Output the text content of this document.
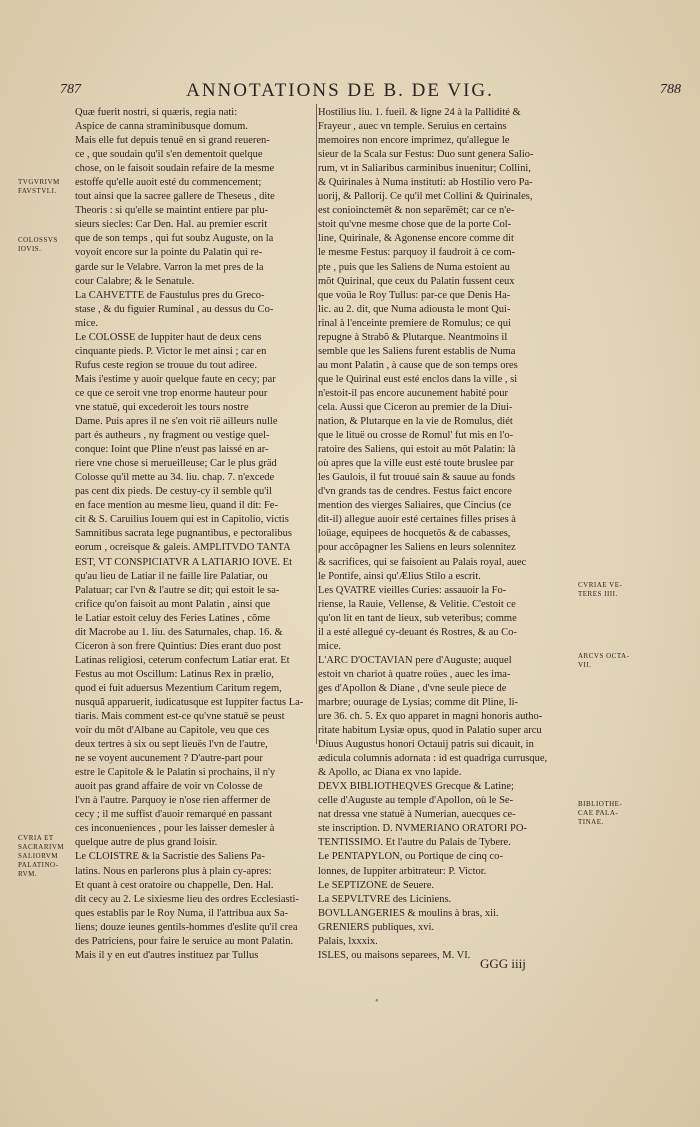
787	ANNOTATIONS DE B. DE VIG.	788

Quæ fuerit nostri, si quæris, regia nati:

Aspice de canna straminibusque domum.

Mais elle fut depuis tenuë en si grand reueren-

ce , que soudain qu'il s'en dementoit quelque

chose, on le faisoit soudain refaire de la mesme

estoffe qu'elle auoit esté du commencement;

tout ainsi que la sacree gallere de Theseus , dite

Theoris : si qu'elle se maintint entiere par plu-

sieurs siecles: Car Den. Hal. au premier escrit

que de son temps , qui fut soubz Auguste, on la

voyoit encore sur la pointe du Palatin qui re-

garde sur le Velabre. Varron la met pres de la

cour Calabre; & le Senatule.

La CAHVETTE de Faustulus pres du Greco-

stase , & du figuier Ruminal , au dessus du Co-

mice.

Le COLOSSE de Iuppiter haut de deux cens

cinquante pieds. P. Victor le met ainsi ; car en

Rufus ceste region se trouue du tout adiree.

Mais i'estime y auoir quelque faute en cecy; par

ce que ce seroit vne trop enorme hauteur pour

vne statuë, qui excederoit les tours nostre

Dame. Puis apres il ne s'en voit rië ailleurs nulle

part és autheurs , ny fragment ou vestige quel-

conque: Ioint que Pline n'eust pas laissé en ar-

riere vne chose si merueilleuse; Car le plus gräd

Colosse qu'il mette au 34. liu. chap. 7. n'excede

pas cent dix pieds. De cestuy-cy il semble qu'il

en face mention au mesme lieu, quand il dit: Fe-

cit & S. Caruilius Iouem qui est in Capitolio, victis

Samnitibus sacrata lege pugnantibus, e pectoralibus

eorum , ocreisque & galeis. AMPLITVDO TANTA

EST, VT CONSPICIATVR A LATIARIO IOVE. Et

qu'au lieu de Latiar il ne faille lire Palatiar, ou

Palatuar; car l'vn & l'autre se dit; qui estoit le sa-

crifice qu'on faisoit au mont Palatin , ainsi que

le Latiar estoit celuy des Feries Latines , cõme

dit Macrobe au 1. liu. des Saturnales, chap. 16. &

Ciceron à son frere Quintius: Dies erant duo post

Latinas religiosi, ceterum confectum Latiar erat. Et

Festus au mot Oscillum: Latinus Rex in prælio,

quod ei fuit aduersus Mezentium Caritum regem,

nusquã apparuerit, iudicatusque est Iuppiter factus La-

tiaris. Mais comment est-ce qu'vne statuë se peust

voir du mõt d'Albane au Capitole, veu que ces

deux tertres à six ou sept lieuës l'vn de l'autre,

ne se voyent aucunement ? D'autre-part pour

estre le Capitole & le Palatin si prochains, il n'y

auoit pas grand affaire de voir vn Colosse de

l'vn à l'autre. Parquoy ie n'ose rien affermer de

cecy ; il me suffist d'auoir remarqué en passant

ces inconueniences , pour les laisser demesler à

quelque autre de plus grand loisir.

Le CLOISTRE & la Sacristie des Saliens Pa-

latins. Nous en parlerons plus à plain cy-apres:

Et quant à cest oratoire ou chappelle, Den. Hal.

dit cecy au 2. Le sixiesme lieu des ordres Ecclesiasti-

ques establis par le Roy Numa, il l'attribua aux Sa-

liens; douze ieunes gentils-hommes d'eslite qu'il crea

des Patriciens, pour faire le seruice au mont Palatin.

Mais il y en eut d'autres instituez par Tullus

Hostilius liu. 1. fueil. & ligne 24 à la Pallidité &

Frayeur , auec vn temple. Seruius en certains

memoires non encore imprimez, qu'allegue le

sieur de la Scala sur Festus: Duo sunt genera Salio-

rum, vt in Saliaribus carminibus inuenitur; Collini,

& Quirinales à Numa instituti: ab Hostilio vero Pa-

uorij, & Pallorij. Ce qu'il met Collini & Quirinales,

est conioinctemët & non separëmët; car ce n'e-

stoit qu'vne mesme chose que de la porte Col-

line, Quirinale, & Agonense encore comme dit

le mesme Festus: parquoy il faudroit à ce com-

pte , puis que les Saliens de Numa estoient au

mõt Quirinal, que ceux du Palatin fussent ceux

que voüa le Roy Tullus: par-ce que Denis Ha-

lic. au 2. dit, que Numa adiousta le mont Qui-

rinal à l'enceinte premiere de Romulus; ce qui

repugne à Strabõ & Plutarque. Neantmoins il

semble que les Saliens furent establis de Numa

au mont Palatin , à cause que de son temps ores

que le Quirinal eust esté enclos dans la ville , si

n'estoit-il pas encore aucunement habité pour

cela. Aussi que Ciceron au premier de la Diui-

nation, & Plutarque en la vie de Romulus, diét

que le lituë ou crosse de Romul' fut mis en l'o-

ratoire des Saliens, qui estoit au mõt Palatin: là

où apres que la ville eust esté toute bruslee par

les Gaulois, il fut trouué sain & sauue au fonds

d'vn grands tas de cendres. Festus faict encore

mention des vierges Saliaires, que Cincius (ce

dit-il) allegue auoir esté certaines filles prises à

loüage, equipees de hocquetõs & de cabasses,

pour accõpagner les Saliens en leurs solennitez

& sacrifices, qui se faisoient au Palais royal, auec

le Pontife, ainsi qu'Ælius Stilo a escrit.

Les QVATRE vieilles Curies: assauoir la Fo-

riense, la Rauie, Vellense, & Velitie. C'estoit ce

qu'on lit en tant de lieux, sub veteribus; comme

il a esté allegué cy-deuant és Rostres, & au Co-

mice.

L'ARC D'OCTAVIAN pere d'Auguste; auquel

estoit vn chariot à quatre roües , auec les ima-

ges d'Apollon & Diane , d'vne seule piece de

marbre; ouurage de Lysias; comme dit Pline, li-

ure 36. ch. 5. Ex quo apparet in magni honoris autho-

ritate habitum Lysiæ opus, quod in Palatio super arcu

Diuus Augustus honori Octauij patris sui dicauit, in

ædicula columnis adornata : id est quadriga currusque,

& Apollo, ac Diana ex vno lapide.

DEVX BIBLIOTHEQVES Grecque & Latine;

celle d'Auguste au temple d'Apollon, où le Se-

nat dressa vne statuë à Numerian, auecques ce-

ste inscription. D. NVMERIANO ORATORI PO-

TENTISSIMO. Et l'autre du Palais de Tybere.

Le PENTAPYLON, ou Portique de cinq co-

lonnes, de Iuppiter arbitrateur: P. Victor.

Le SEPTIZONE de Seuere.

La SEPVLTVRE des Liciniens.

BOVLLANGERIES & moulins à bras, xii.

GRENIERS publiques, xvi.

Palais, lxxxix.

ISLES, ou maisons separees, M. VI.

TVGVRIVM
FAVSTVLI.
COLOSSVS
IOVIS.
CVRIA ET
SACRARIVM
SALIORVM
PALATINO-
RVM.
CVRIAE VE-
TERES IIII.
ARCVS OCTA-
VII.
BIBLIOTHE-
CAE PALA-
TINAE.
GGG iiij
•
